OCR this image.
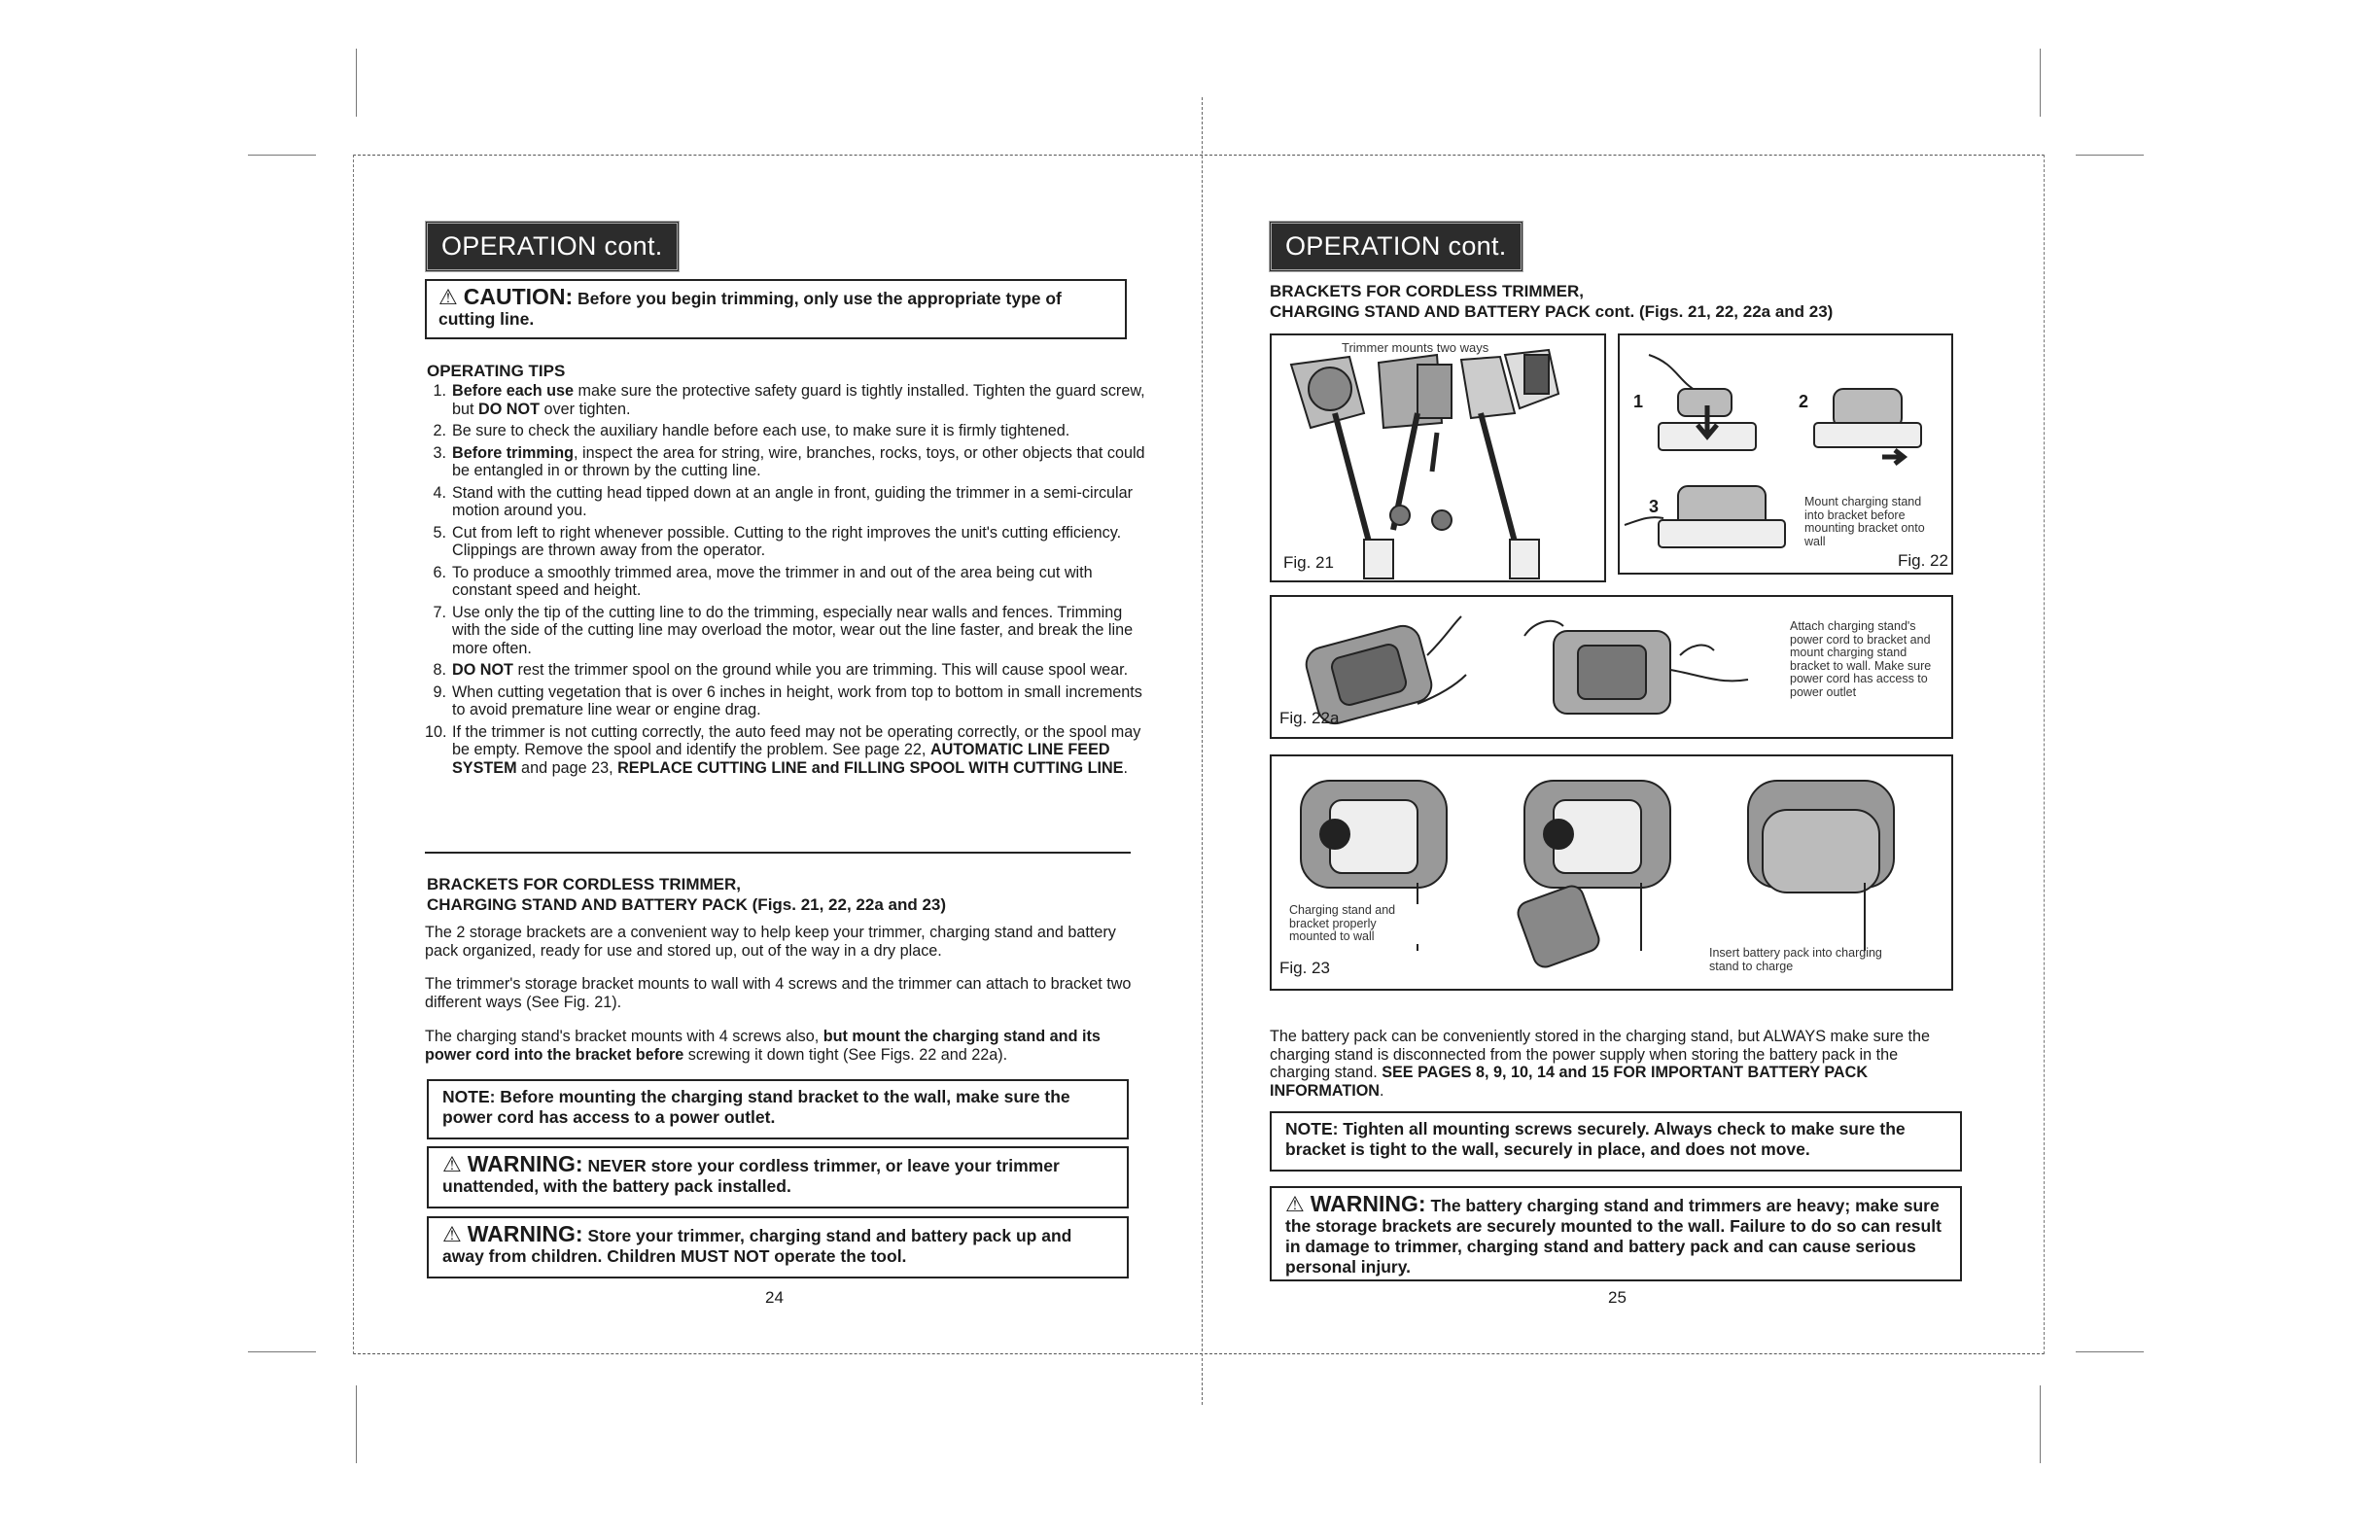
OPERATION cont.
⚠ CAUTION: Before you begin trimming, only use the appropriate type of
cutting line.
OPERATING TIPS
1. Before each use make sure the protective safety guard is tightly installed. Tighten the guard screw, but DO NOT over tighten.
2. Be sure to check the auxiliary handle before each use, to make sure it is firmly tightened.
3. Before trimming, inspect the area for string, wire, branches, rocks, toys, or other objects that could be entangled in or thrown by the cutting line.
4. Stand with the cutting head tipped down at an angle in front, guiding the trimmer in a semi-circular motion around you.
5. Cut from left to right whenever possible. Cutting to the right improves the unit's cutting efficiency. Clippings are thrown away from the operator.
6. To produce a smoothly trimmed area, move the trimmer in and out of the area being cut with constant speed and height.
7. Use only the tip of the cutting line to do the trimming, especially near walls and fences. Trimming with the side of the cutting line may overload the motor, wear out the line faster, and break the line more often.
8. DO NOT rest the trimmer spool on the ground while you are trimming. This will cause spool wear.
9. When cutting vegetation that is over 6 inches in height, work from top to bottom in small increments to avoid premature line wear or engine drag.
10. If the trimmer is not cutting correctly, the auto feed may not be operating correctly, or the spool may be empty. Remove the spool and identify the problem. See page 22, AUTOMATIC LINE FEED SYSTEM and page 23, REPLACE CUTTING LINE and FILLING SPOOL WITH CUTTING LINE.
BRACKETS FOR CORDLESS TRIMMER,
CHARGING STAND AND BATTERY PACK (Figs. 21, 22, 22a and 23)
The 2 storage brackets are a convenient way to help keep your trimmer, charging stand and battery pack organized, ready for use and stored up, out of the way in a dry place.
The trimmer's storage bracket mounts to wall with 4 screws and the trimmer can attach to bracket two different ways (See Fig. 21).
The charging stand's bracket mounts with 4 screws also, but mount the charging stand and its power cord into the bracket before screwing it down tight (See Figs. 22 and 22a).
NOTE: Before mounting the charging stand bracket to the wall, make sure the power cord has access to a power outlet.
⚠ WARNING: NEVER store your cordless trimmer, or leave your trimmer unattended, with the battery pack installed.
⚠ WARNING: Store your trimmer, charging stand and battery pack up and away from children. Children MUST NOT operate the tool.
24
OPERATION cont.
BRACKETS FOR CORDLESS TRIMMER,
CHARGING STAND AND BATTERY PACK cont. (Figs. 21, 22, 22a and 23)
Trimmer mounts two ways
Fig. 21
1	2
3	Mount charging stand into bracket before mounting bracket onto wall
Fig. 22
Attach charging stand's power cord to bracket and mount charging stand bracket to wall. Make sure power cord has access to power outlet
Fig. 22a
Charging stand and bracket properly mounted to wall
Insert battery pack into charging stand to charge
Fig. 23
The battery pack can be conveniently stored in the charging stand, but ALWAYS make sure the charging stand is disconnected from the power supply when storing the battery pack in the charging stand. SEE PAGES 8, 9, 10, 14 and 15 FOR IMPORTANT BATTERY PACK INFORMATION.
NOTE: Tighten all mounting screws securely. Always check to make sure the bracket is tight to the wall, securely in place, and does not move.
⚠ WARNING: The battery charging stand and trimmers are heavy; make sure the storage brackets are securely mounted to the wall. Failure to do so can result in damage to trimmer, charging stand and battery pack and can cause serious personal injury.
25
